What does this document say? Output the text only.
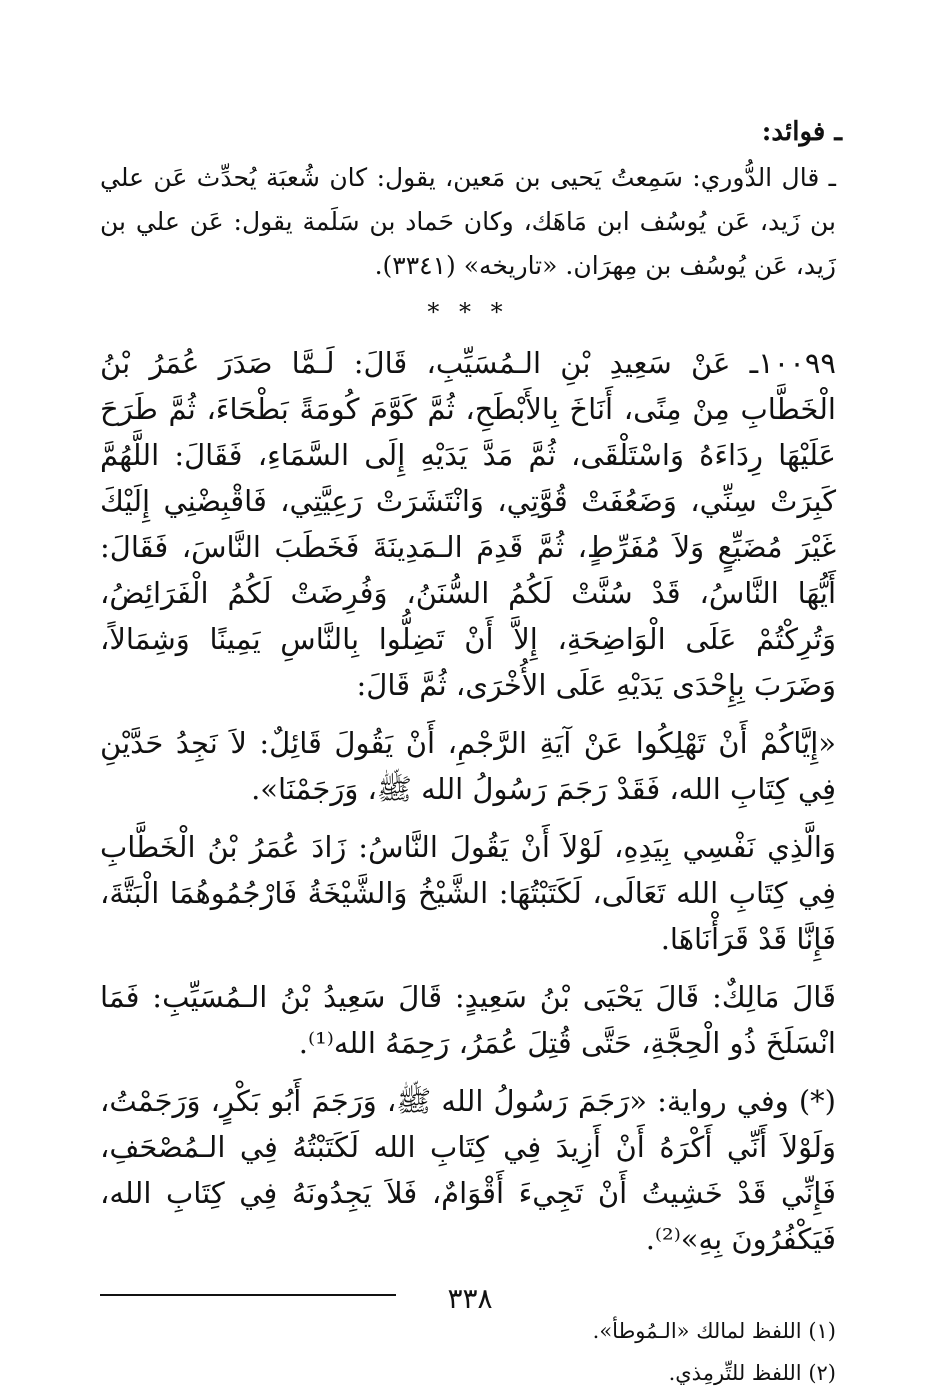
ـ فوائد:

ـ قال الدُّوري: سَمِعتُ يَحيى بن مَعين، يقول: كان شُعبَة يُحدِّث عَن علي بن زَيد، عَن يُوسُف ابن مَاهَك، وكان حَماد بن سَلَمة يقول: عَن علي بن زَيد، عَن يُوسُف بن مِهرَان. «تاريخه» (٣٣٤١).

* * *

١٠٠٩٩ـ عَنْ سَعِيدِ بْنِ الـمُسَيِّبِ، قَالَ: لَـمَّا صَدَرَ عُمَرُ بْنُ الْخَطَّابِ مِنْ مِنًى، أَنَاخَ بِالأَبْطَحِ، ثُمَّ كَوَّمَ كُومَةً بَطْحَاءَ، ثُمَّ طَرَحَ عَلَيْهَا رِدَاءَهُ وَاسْتَلْقَى، ثُمَّ مَدَّ يَدَيْهِ إِلَى السَّمَاءِ، فَقَالَ: اللَّهُمَّ كَبِرَتْ سِنِّي، وَضَعُفَتْ قُوَّتِي، وَانْتَشَرَتْ رَعِيَّتِي، فَاقْبِضْنِي إِلَيْكَ غَيْرَ مُضَيِّعٍ وَلاَ مُفَرِّطٍ، ثُمَّ قَدِمَ الـمَدِينَةَ فَخَطَبَ النَّاسَ، فَقَالَ: أَيُّهَا النَّاسُ، قَدْ سُنَّتْ لَكُمُ السُّنَنُ، وَفُرِضَتْ لَكُمُ الْفَرَائِضُ، وَتُرِكْتُمْ عَلَى الْوَاضِحَةِ، إِلاَّ أَنْ تَضِلُّوا بِالنَّاسِ يَمِينًا وَشِمَالاً، وَضَرَبَ بِإِحْدَى يَدَيْهِ عَلَى الأُخْرَى، ثُمَّ قَالَ:

«إِيَّاكُمْ أَنْ تَهْلِكُوا عَنْ آيَةِ الرَّجْمِ، أَنْ يَقُولَ قَائِلٌ: لاَ نَجِدُ حَدَّيْنِ فِي كِتَابِ الله، فَقَدْ رَجَمَ رَسُولُ الله ﷺ، وَرَجَمْنَا».

وَالَّذِي نَفْسِي بِيَدِهِ، لَوْلاَ أَنْ يَقُولَ النَّاسُ: زَادَ عُمَرُ بْنُ الْخَطَّابِ فِي كِتَابِ الله تَعَالَى، لَكَتَبْتُهَا: الشَّيْخُ وَالشَّيْخَةُ فَارْجُمُوهُمَا الْبَتَّةَ، فَإِنَّا قَدْ قَرَأْنَاهَا.

قَالَ مَالِكٌ: قَالَ يَحْيَى بْنُ سَعِيدٍ: قَالَ سَعِيدُ بْنُ الـمُسَيِّبِ: فَمَا انْسَلَخَ ذُو الْحِجَّةِ، حَتَّى قُتِلَ عُمَرُ، رَحِمَهُ الله⁽¹⁾.

(*) وفي رواية: «رَجَمَ رَسُولُ الله ﷺ، وَرَجَمَ أَبُو بَكْرٍ، وَرَجَمْتُ، وَلَوْلاَ أَنِّي أَكْرَهُ أَنْ أَزِيدَ فِي كِتَابِ الله لَكَتَبْتُهُ فِي الـمُصْحَفِ، فَإِنِّي قَدْ خَشِيتُ أَنْ تَجِيءَ أَقْوَامٌ، فَلاَ يَجِدُونَهُ فِي كِتَابِ الله، فَيَكْفُرُونَ بِهِ»⁽²⁾.

(١) اللفظ لمالك «الـمُوطأ».

(٢) اللفظ للتِّرمِذي.

٣٣٨
